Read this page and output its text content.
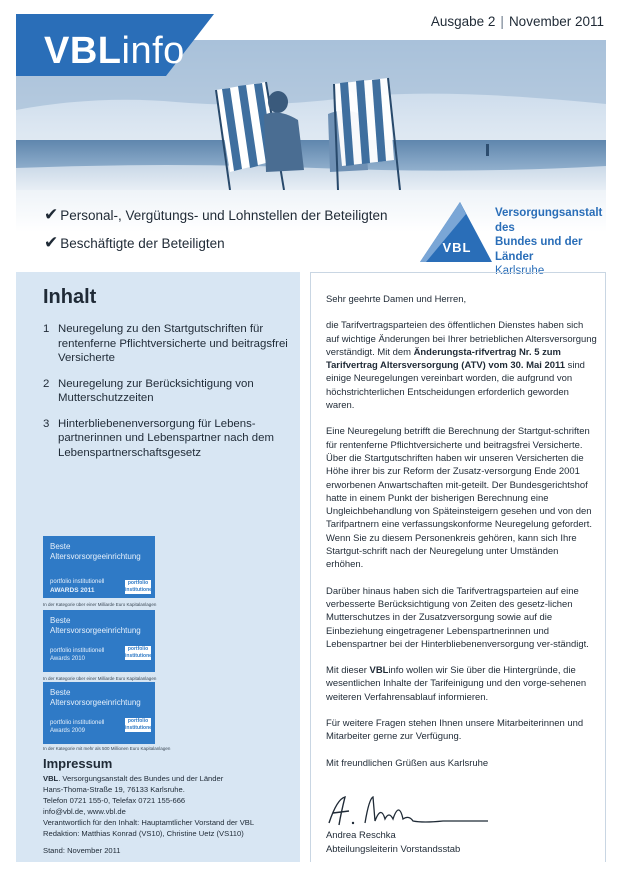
Ausgabe 2 | November 2011
VBLinfo
✔ Personal-, Vergütungs- und Lohnstellen der Beteiligten
✔ Beschäftigte der Beteiligten	VBL
Versorgungsanstalt des
Bundes und der Länder
Karlsruhe
Inhalt
1 Neuregelung zu den Startgutschriften für rentenferne Pflichtversicherte und beitragsfrei Versicherte
2 Neuregelung zur Berücksichtigung von Mutterschutzzeiten
3 Hinterbliebenenversorgung für Lebens-partnerinnen und Lebenspartner nach dem Lebenspartnerschaftsgesetz
Beste
Altersvorsorgeeinrichtung
portfolio institutionell
AWARDS 2011
portfolio institutionell
In der Kategorie über einer Milliarde Euro Kapitalanlagen
Beste
Altersvorsorgeeinrichtung
portfolio institutionell
Awards 2010
portfolio institutionell
In der Kategorie über einer Milliarde Euro Kapitalanlagen
Beste
Altersvorsorgeeinrichtung
portfolio institutionell
Awards 2009
portfolio institutionell
In der Kategorie mit mehr als 500 Millionen Euro Kapitalanlagen
Impressum
VBL. Versorgungsanstalt des Bundes und der Länder
Hans-Thoma-Straße 19, 76133 Karlsruhe.
Telefon 0721 155-0, Telefax 0721 155-666
info@vbl.de, www.vbl.de
Verantwortlich für den Inhalt: Hauptamtlicher Vorstand der VBL
Redaktion: Matthias Konrad (VS10), Christine Uetz (VS110)
Stand: November 2011

Sehr geehrte Damen und Herren,

die Tarifvertragsparteien des öffentlichen Dienstes haben sich auf wichtige Änderungen bei Ihrer betrieblichen Altersversorgung verständigt. Mit dem Änderungsta-rifvertrag Nr. 5 zum Tarifvertrag Altersversorgung (ATV) vom 30. Mai 2011 sind einige Neuregelungen vereinbart worden, die aufgrund von höchstrichterlichen Entscheidungen erforderlich geworden waren.

Eine Neuregelung betrifft die Berechnung der Startgut-schriften für rentenferne Pflichtversicherte und beitragsfrei Versicherte. Über die Startgutschriften haben wir unseren Versicherten die Höhe ihrer bis zur Reform der Zusatz-versorgung Ende 2001 erworbenen Anwartschaften mit-geteilt. Der Bundesgerichtshof hatte in einem Punkt der bisherigen Berechnung eine Ungleichbehandlung von Späteinsteigern gesehen und von den Tarifpartnern eine verfassungskonforme Neuregelung gefordert. Wenn Sie zu diesem Personenkreis gehören, kann sich Ihre Startgut-schrift nach der Neuregelung unter Umständen erhöhen.

Darüber hinaus haben sich die Tarifvertragsparteien auf eine verbesserte Berücksichtigung von Zeiten des gesetz-lichen Mutterschutzes in der Zusatzversorgung sowie auf die Einbeziehung eingetragener Lebenspartnerinnen und Lebenspartner bei der Hinterbliebenenversorgung ver-ständigt.

Mit dieser VBLinfo wollen wir Sie über die Hintergründe, die wesentlichen Inhalte der Tarifeinigung und den vorge-sehenen weiteren Verfahrensablauf informieren.

Für weitere Fragen stehen Ihnen unsere Mitarbeiterinnen und Mitarbeiter gerne zur Verfügung.

Mit freundlichen Grüßen aus Karlsruhe

Andrea Reschka
Abteilungsleiterin Vorstandsstab
